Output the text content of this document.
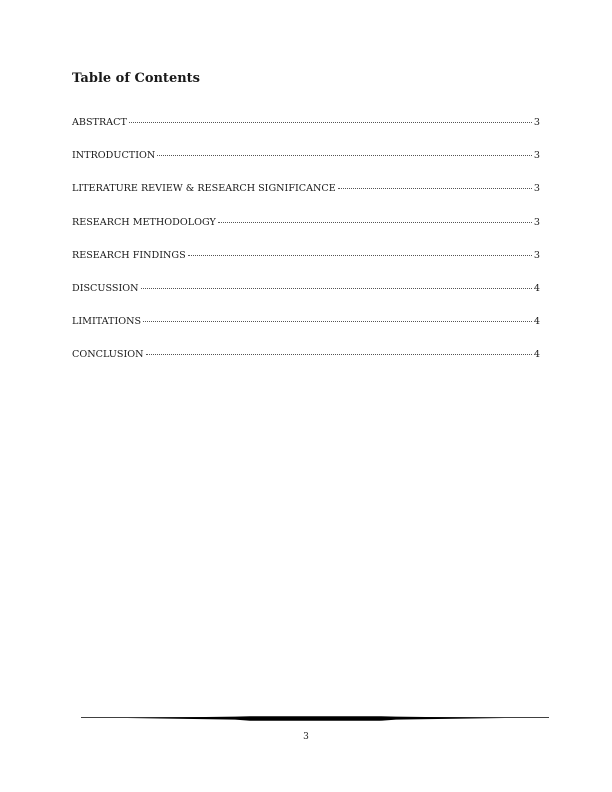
Table of Contents
ABSTRACT	3
INTRODUCTION	3
LITERATURE REVIEW & RESEARCH SIGNIFICANCE	3
RESEARCH METHODOLOGY	3
RESEARCH FINDINGS	3
DISCUSSION	4
LIMITATIONS	4
CONCLUSION	4
3
